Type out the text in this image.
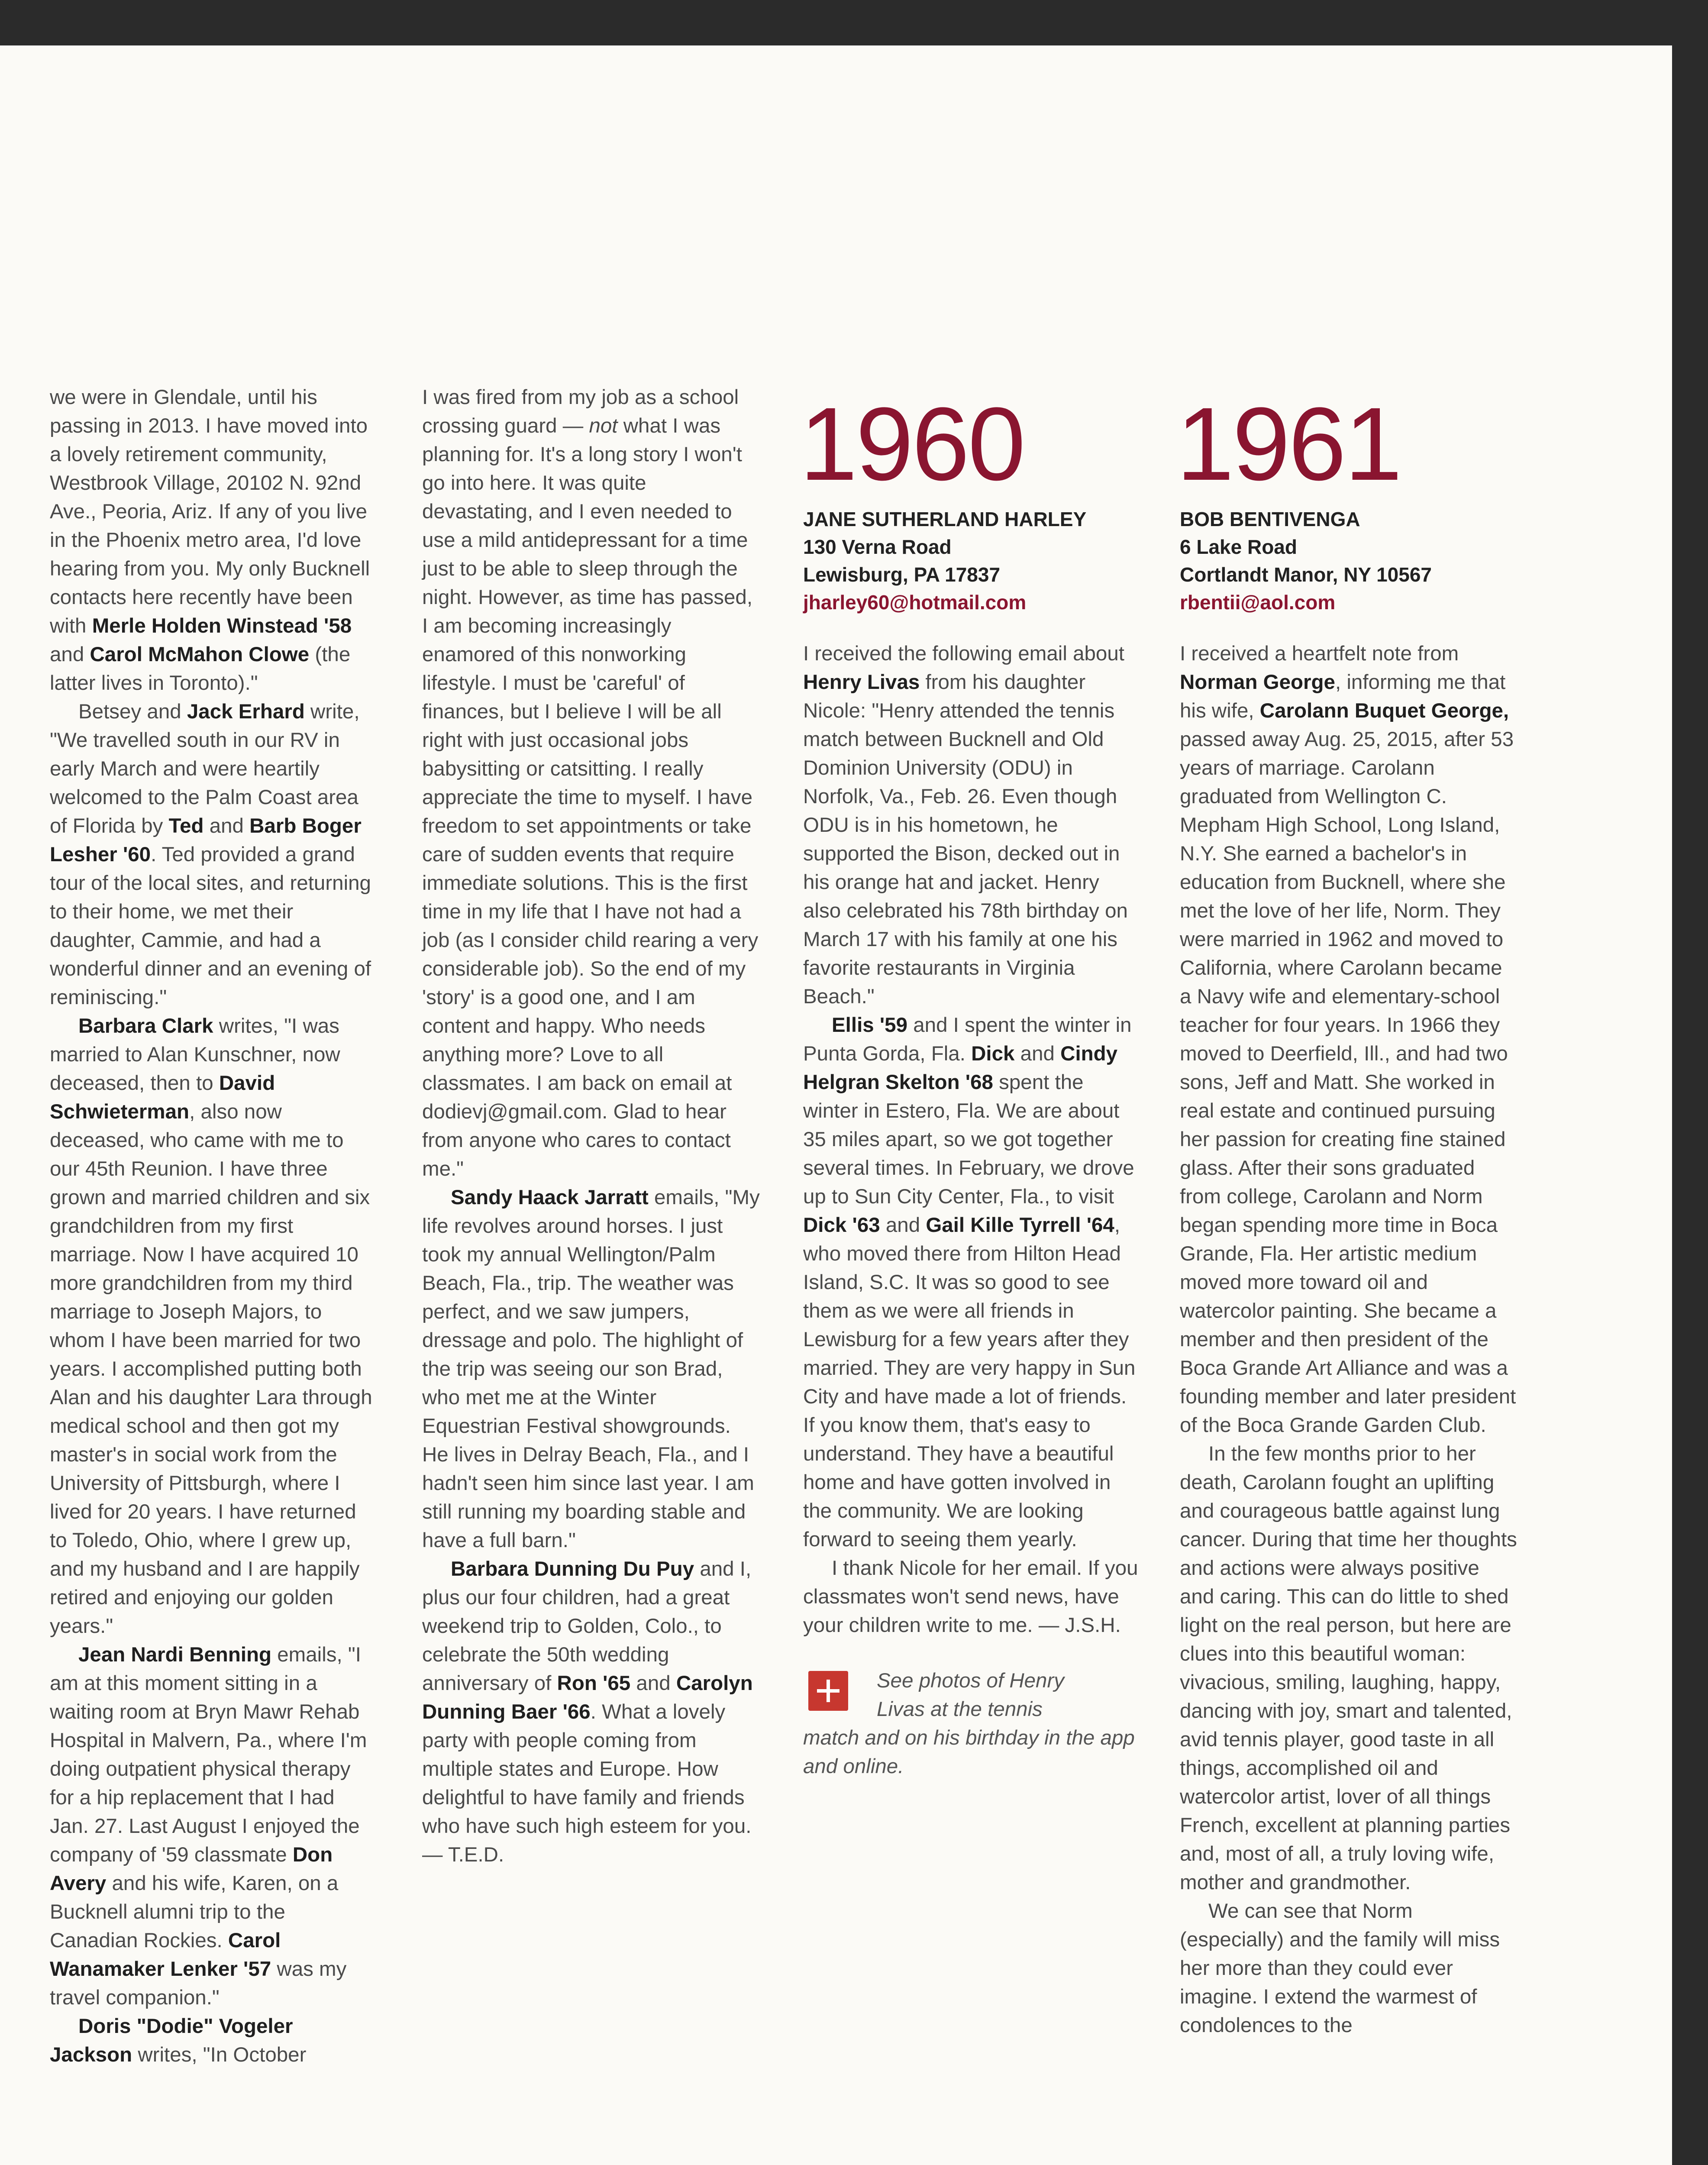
we were in Glendale, until his passing in 2013. I have moved into a lovely retirement community, Westbrook Village, 20102 N. 92nd Ave., Peoria, Ariz. If any of you live in the Phoenix metro area, I'd love hearing from you. My only Bucknell contacts here recently have been with Merle Holden Winstead '58 and Carol McMahon Clowe (the latter lives in Toronto)."

Betsey and Jack Erhard write, "We travelled south in our RV in early March and were heartily welcomed to the Palm Coast area of Florida by Ted and Barb Boger Lesher '60. Ted provided a grand tour of the local sites, and returning to their home, we met their daughter, Cammie, and had a wonderful dinner and an evening of reminiscing."

Barbara Clark writes, "I was married to Alan Kunschner, now deceased, then to David Schwieterman, also now deceased, who came with me to our 45th Reunion. I have three grown and married children and six grandchildren from my first marriage. Now I have acquired 10 more grandchildren from my third marriage to Joseph Majors, to whom I have been married for two years. I accomplished putting both Alan and his daughter Lara through medical school and then got my master's in social work from the University of Pittsburgh, where I lived for 20 years. I have returned to Toledo, Ohio, where I grew up, and my husband and I are happily retired and enjoying our golden years."

Jean Nardi Benning emails, "I am at this moment sitting in a waiting room at Bryn Mawr Rehab Hospital in Malvern, Pa., where I'm doing outpatient physical therapy for a hip replacement that I had Jan. 27. Last August I enjoyed the company of '59 classmate Don Avery and his wife, Karen, on a Bucknell alumni trip to the Canadian Rockies. Carol Wanamaker Lenker '57 was my travel companion."

Doris "Dodie" Vogeler Jackson writes, "In October

I was fired from my job as a school crossing guard — not what I was planning for. It's a long story I won't go into here. It was quite devastating, and I even needed to use a mild antidepressant for a time just to be able to sleep through the night. However, as time has passed, I am becoming increasingly enamored of this nonworking lifestyle. I must be 'careful' of finances, but I believe I will be all right with just occasional jobs babysitting or catsitting. I really appreciate the time to myself. I have freedom to set appointments or take care of sudden events that require immediate solutions. This is the first time in my life that I have not had a job (as I consider child rearing a very considerable job). So the end of my 'story' is a good one, and I am content and happy. Who needs anything more? Love to all classmates. I am back on email at dodievj@gmail.com. Glad to hear from anyone who cares to contact me."

Sandy Haack Jarratt emails, "My life revolves around horses. I just took my annual Wellington/Palm Beach, Fla., trip. The weather was perfect, and we saw jumpers, dressage and polo. The highlight of the trip was seeing our son Brad, who met me at the Winter Equestrian Festival showgrounds. He lives in Delray Beach, Fla., and I hadn't seen him since last year. I am still running my boarding stable and have a full barn."

Barbara Dunning Du Puy and I, plus our four children, had a great weekend trip to Golden, Colo., to celebrate the 50th wedding anniversary of Ron '65 and Carolyn Dunning Baer '66. What a lovely party with people coming from multiple states and Europe. How delightful to have family and friends who have such high esteem for you. — T.E.D.

1960
JANE SUTHERLAND HARLEY
130 Verna Road
Lewisburg, PA 17837
jharley60@hotmail.com

I received the following email about Henry Livas from his daughter Nicole: "Henry attended the tennis match between Bucknell and Old Dominion University (ODU) in Norfolk, Va., Feb. 26. Even though ODU is in his hometown, he supported the Bison, decked out in his orange hat and jacket. Henry also celebrated his 78th birthday on March 17 with his family at one his favorite restaurants in Virginia Beach."

Ellis '59 and I spent the winter in Punta Gorda, Fla. Dick and Cindy Helgran Skelton '68 spent the winter in Estero, Fla. We are about 35 miles apart, so we got together several times. In February, we drove up to Sun City Center, Fla., to visit Dick '63 and Gail Kille Tyrrell '64, who moved there from Hilton Head Island, S.C. It was so good to see them as we were all friends in Lewisburg for a few years after they married. They are very happy in Sun City and have made a lot of friends. If you know them, that's easy to understand. They have a beautiful home and have gotten involved in the community. We are looking forward to seeing them yearly.

I thank Nicole for her email. If you classmates won't send news, have your children write to me. — J.S.H.

See photos of Henry
Livas at the tennis
match and on his birthday in the app and online.
1961
BOB BENTIVENGA
6 Lake Road
Cortlandt Manor, NY 10567
rbentii@aol.com

I received a heartfelt note from Norman George, informing me that his wife, Carolann Buquet George, passed away Aug. 25, 2015, after 53 years of marriage. Carolann graduated from Wellington C. Mepham High School, Long Island, N.Y. She earned a bachelor's in education from Bucknell, where she met the love of her life, Norm. They were married in 1962 and moved to California, where Carolann became a Navy wife and elementary-school teacher for four years. In 1966 they moved to Deerfield, Ill., and had two sons, Jeff and Matt. She worked in real estate and continued pursuing her passion for creating fine stained glass. After their sons graduated from college, Carolann and Norm began spending more time in Boca Grande, Fla. Her artistic medium moved more toward oil and watercolor painting. She became a member and then president of the Boca Grande Art Alliance and was a founding member and later president of the Boca Grande Garden Club.

In the few months prior to her death, Carolann fought an uplifting and courageous battle against lung cancer. During that time her thoughts and actions were always positive and caring. This can do little to shed light on the real person, but here are clues into this beautiful woman: vivacious, smiling, laughing, happy, dancing with joy, smart and talented, avid tennis player, good taste in all things, accomplished oil and watercolor artist, lover of all things French, excellent at planning parties and, most of all, a truly loving wife, mother and grandmother.

We can see that Norm (especially) and the family will miss her more than they could ever imagine. I extend the warmest of condolences to the
